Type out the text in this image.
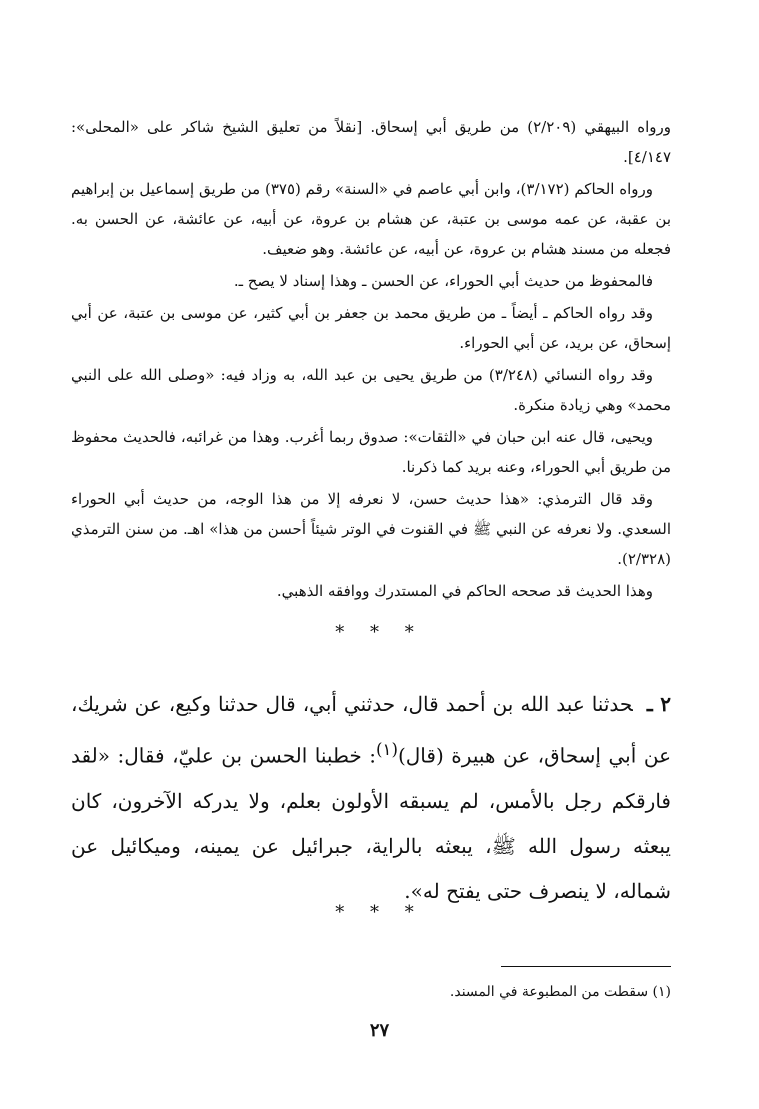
ورواه البيهقي (٢/٢٠٩) من طريق أبي إسحاق. [نقلاً من تعليق الشيخ شاكر على «المحلى»: ٤/١٤٧].

ورواه الحاكم (٣/١٧٢)، وابن أبي عاصم في «السنة» رقم (٣٧٥) من طريق إسماعيل بن إبراهيم بن عقبة، عن عمه موسى بن عتبة، عن هشام بن عروة، عن أبيه، عن عائشة، عن الحسن به. فجعله من مسند هشام بن عروة، عن أبيه، عن عائشة. وهو ضعيف.

فالمحفوظ من حديث أبي الحوراء، عن الحسن ـ وهذا إسناد لا يصح ـ.

وقد رواه الحاكم ـ أيضاً ـ من طريق محمد بن جعفر بن أبي كثير، عن موسى بن عتبة، عن أبي إسحاق، عن بريد، عن أبي الحوراء.

وقد رواه النسائي (٣/٢٤٨) من طريق يحيى بن عبد الله، به وزاد فيه: «وصلى الله على النبي محمد» وهي زيادة منكرة.

ويحيى، قال عنه ابن حبان في «الثقات»: صدوق ربما أغرب. وهذا من غرائبه، فالحديث محفوظ من طريق أبي الحوراء، وعنه بريد كما ذكرنا.

وقد قال الترمذي: «هذا حديث حسن، لا نعرفه إلا من هذا الوجه، من حديث أبي الحوراء السعدي. ولا نعرفه عن النبي ﷺ في القنوت في الوتر شيئاً أحسن من هذا» اهـ. من سنن الترمذي (٢/٣٢٨).

وهذا الحديث قد صححه الحاكم في المستدرك ووافقه الذهبي.

* * *
٢ ـحدثنا عبد الله بن أحمد قال، حدثني أبي، قال حدثنا وكيع، عن شريك، عن أبي إسحاق، عن هبيرة (قال)$^{(١)}$: خطبنا الحسن بن عليّ، فقال: «لقد فارقكم رجل بالأمس، لم يسبقه الأولون بعلم، ولا يدركه الآخرون، كان يبعثه رسول الله ﷺ، يبعثه بالراية، جبرائيل عن يمينه، وميكائيل عن شماله، لا ينصرف حتى يفتح له».
* * *
(١) سقطت من المطبوعة في المسند.
٢٧
